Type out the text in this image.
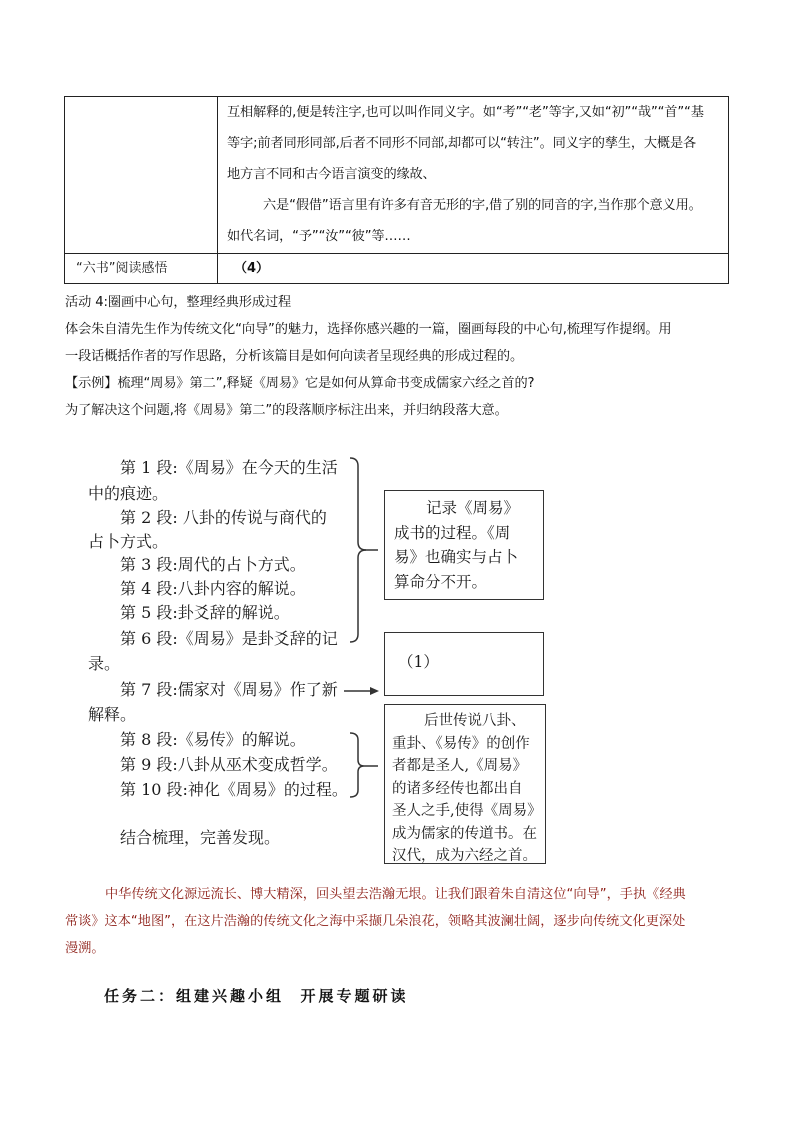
互相解释的,便是转注字,也可以叫作同义字。如“考”“老”等字,又如“初”“哉”“首”“基
等字;前者同形同部,后者不同形不同部,却都可以“转注”。同义字的孳生，大概是各
地方言不同和古今语言演变的缘故、
六是“假借”语言里有许多有音无形的字,借了别的同音的字,当作那个意义用。
如代名词，“予”“汝”“彼”等……
“六书”阅读感悟	（4）
活动 4:圈画中心句，整理经典形成过程
体会朱自清先生作为传统文化“向导”的魅力，选择你感兴趣的一篇，圈画每段的中心句,梳理写作提纲。用
一段话概括作者的写作思路，分析该篇目是如何向读者呈现经典的形成过程的。
【示例】梳理“周易》第二”,释疑《周易》它是如何从算命书变成儒家六经之首的?
为了解决这个问题,将《周易》第二”的段落顺序标注出来，并归纳段落大意。
第 1 段:《周易》在今天的生活
中的痕迹。
第 2 段: 八卦的传说与商代的
占卜方式。
第 3 段:周代的占卜方式。
第 4 段:八卦内容的解说。
第 5 段:卦爻辞的解说。
第 6 段:《周易》是卦爻辞的记
录。
第 7 段:儒家对《周易》作了新
解释。
第 8 段:《易传》的解说。
第 9 段:八卦从巫术变成哲学。
第 10 段:神化《周易》的过程。
结合梳理，完善发现。
记录《周易》
成书的过程。《周
易》也确实与占卜
算命分不开。
（1）
后世传说八卦、
重卦、《易传》的创作
者都是圣人,《周易》
的诸多经传也都出自
圣人之手,使得《周易》
成为儒家的传道书。在
汉代，成为六经之首。
中华传统文化源远流长、博大精深，回头望去浩瀚无垠。让我们跟着朱自清这位“向导”，手执《经典
常谈》这本“地图”，在这片浩瀚的传统文化之海中采撷几朵浪花，领略其波澜壮阔，逐步向传统文化更深处
漫溯。
任务二：组建兴趣小组  开展专题研读
